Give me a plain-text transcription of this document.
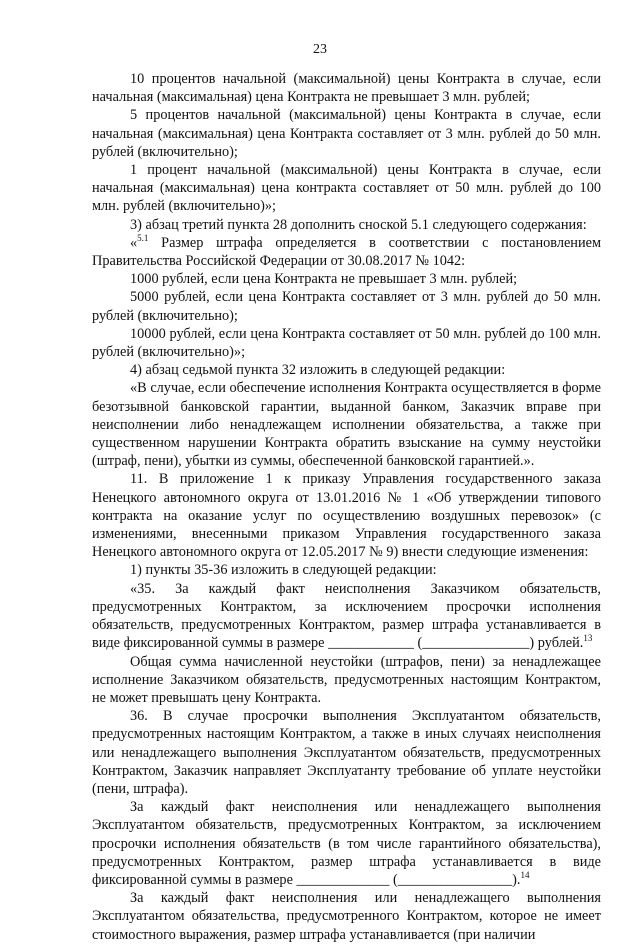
23

10 процентов начальной (максимальной) цены Контракта в случае, если начальная (максимальная) цена Контракта не превышает 3 млн. рублей;

5 процентов начальной (максимальной) цены Контракта в случае, если начальная (максимальная) цена Контракта составляет от 3 млн. рублей до 50 млн. рублей (включительно);

1 процент начальной (максимальной) цены Контракта в случае, если начальная (максимальная) цена контракта составляет от 50 млн. рублей до 100 млн. рублей (включительно)»;

3) абзац третий пункта 28 дополнить сноской 5.1 следующего содержания:

«$^{5.1}$ Размер штрафа определяется в соответствии с постановлением Правительства Российской Федерации от 30.08.2017 № 1042:

1000 рублей, если цена Контракта не превышает 3 млн. рублей;

5000 рублей, если цена Контракта составляет от 3 млн. рублей до 50 млн. рублей (включительно);

10000 рублей, если цена Контракта составляет от 50 млн. рублей до 100 млн. рублей (включительно)»;

4) абзац седьмой пункта 32 изложить в следующей редакции:

«В случае, если обеспечение исполнения Контракта осуществляется в форме безотзывной банковской гарантии, выданной банком, Заказчик вправе при неисполнении либо ненадлежащем исполнении обязательства, а также при существенном нарушении Контракта обратить взыскание на сумму неустойки (штраф, пени), убытки из суммы, обеспеченной банковской гарантией.».

11. В приложение 1 к приказу Управления государственного заказа Ненецкого автономного округа от 13.01.2016 № 1 «Об утверждении типового контракта на оказание услуг по осуществлению воздушных перевозок» (с изменениями, внесенными приказом Управления государственного заказа Ненецкого автономного округа от 12.05.2017 № 9) внести следующие изменения:

1) пункты 35-36 изложить в следующей редакции:

«35. За каждый факт неисполнения Заказчиком обязательств, предусмотренных Контрактом, за исключением просрочки исполнения обязательств, предусмотренных Контрактом, размер штрафа устанавливается в виде фиксированной суммы в размере ____________ (_______________) рублей.$^{13}$

Общая сумма начисленной неустойки (штрафов, пени) за ненадлежащее исполнение Заказчиком обязательств, предусмотренных настоящим Контрактом, не может превышать цену Контракта.

36. В случае просрочки выполнения Эксплуатантом обязательств, предусмотренных настоящим Контрактом, а также в иных случаях неисполнения или ненадлежащего выполнения Эксплуатантом обязательств, предусмотренных Контрактом, Заказчик направляет Эксплуатанту требование об уплате неустойки (пени, штрафа).

За каждый факт неисполнения или ненадлежащего выполнения Эксплуатантом обязательств, предусмотренных Контрактом, за исключением просрочки исполнения обязательств (в том числе гарантийного обязательства), предусмотренных Контрактом, размер штрафа устанавливается в виде фиксированной суммы в размере _____________ (________________).$^{14}$

За каждый факт неисполнения или ненадлежащего выполнения Эксплуатантом обязательства, предусмотренного Контрактом, которое не имеет стоимостного выражения, размер штрафа устанавливается (при наличии
